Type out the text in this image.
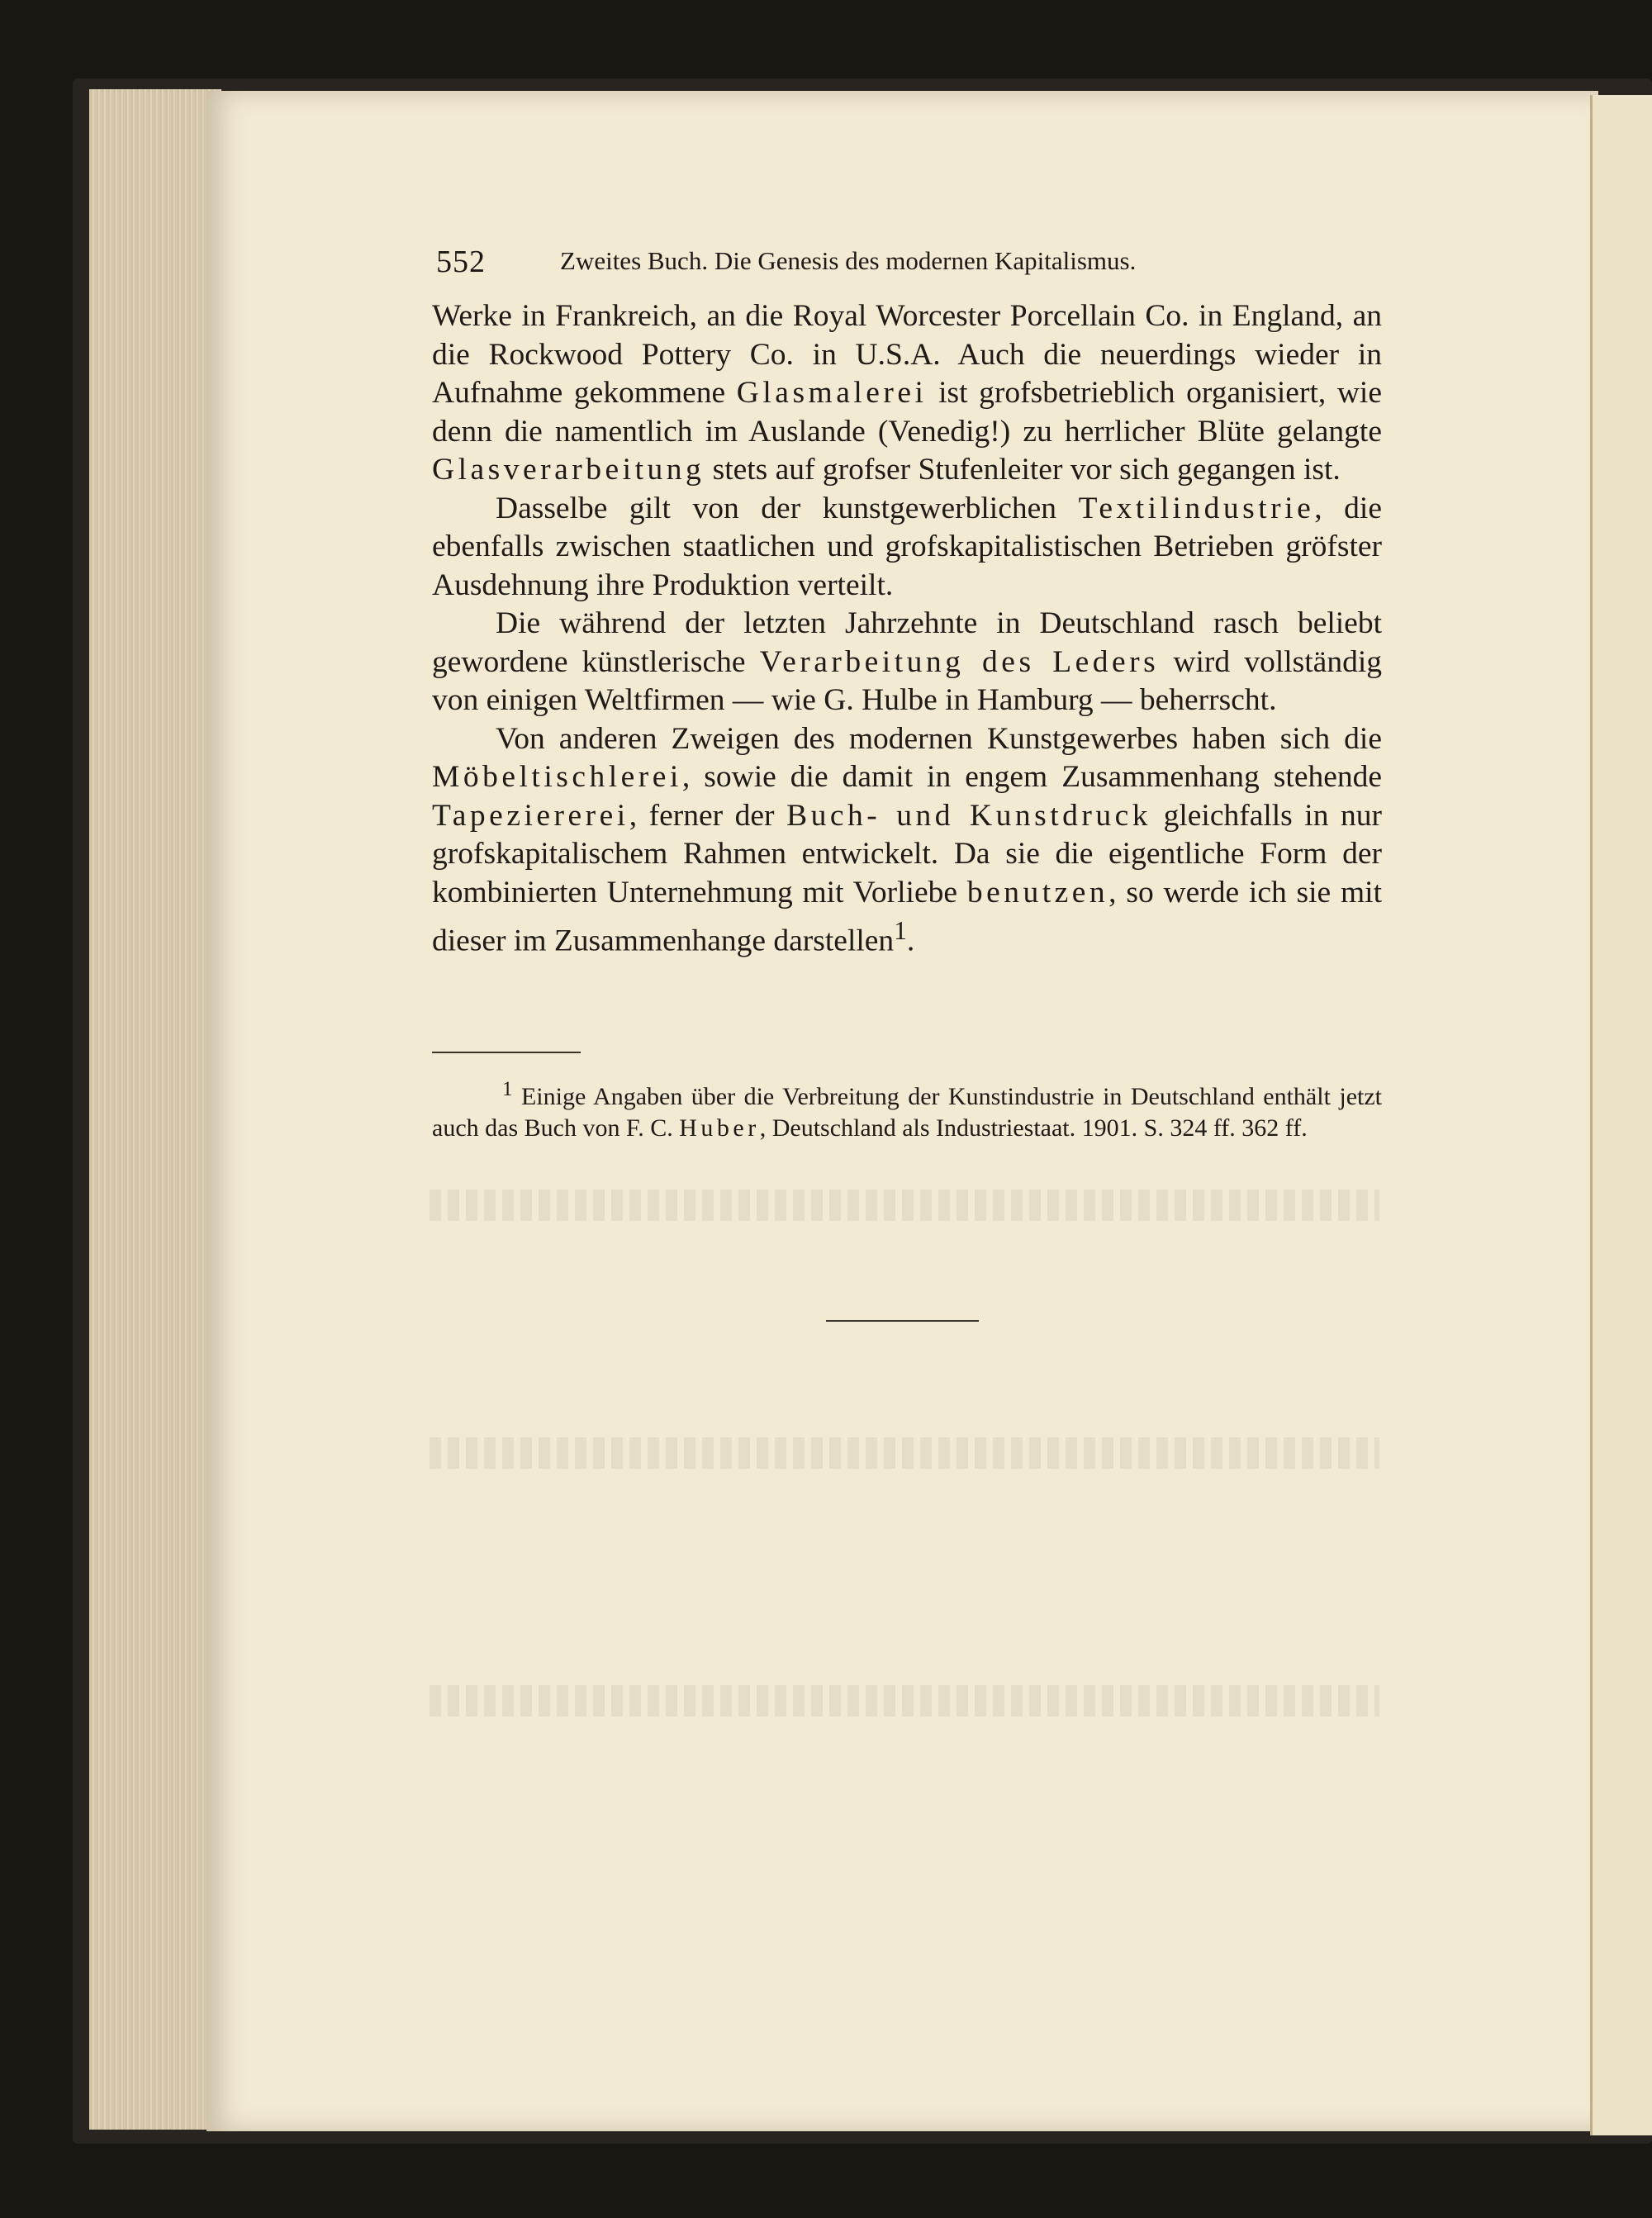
552	Zweites Buch. Die Genesis des modernen Kapitalismus.

Werke in Frankreich, an die Royal Worcester Porcellain Co. in England, an die Rockwood Pottery Co. in U.S.A. Auch die neuerdings wieder in Aufnahme gekommene Glasmalerei ist grofsbetrieblich organisiert, wie denn die namentlich im Auslande (Venedig!) zu herrlicher Blüte gelangte Glasverarbeitung stets auf grofser Stufenleiter vor sich gegangen ist.

Dasselbe gilt von der kunstgewerblichen Textilindustrie, die ebenfalls zwischen staatlichen und grofskapitalistischen Betrieben gröfster Ausdehnung ihre Produktion verteilt.

Die während der letzten Jahrzehnte in Deutschland rasch beliebt gewordene künstlerische Verarbeitung des Leders wird vollständig von einigen Weltfirmen — wie G. Hulbe in Hamburg — beherrscht.

Von anderen Zweigen des modernen Kunstgewerbes haben sich die Möbeltischlerei, sowie die damit in engem Zusammenhang stehende Tapeziererei, ferner der Buch- und Kunstdruck gleichfalls in nur grofskapitalischem Rahmen entwickelt. Da sie die eigentliche Form der kombinierten Unternehmung mit Vorliebe benutzen, so werde ich sie mit dieser im Zusammenhange darstellen$^1$.

$^1$ Einige Angaben über die Verbreitung der Kunstindustrie in Deutschland enthält jetzt auch das Buch von F. C. Huber, Deutschland als Industriestaat. 1901. S. 324 ff. 362 ff.
